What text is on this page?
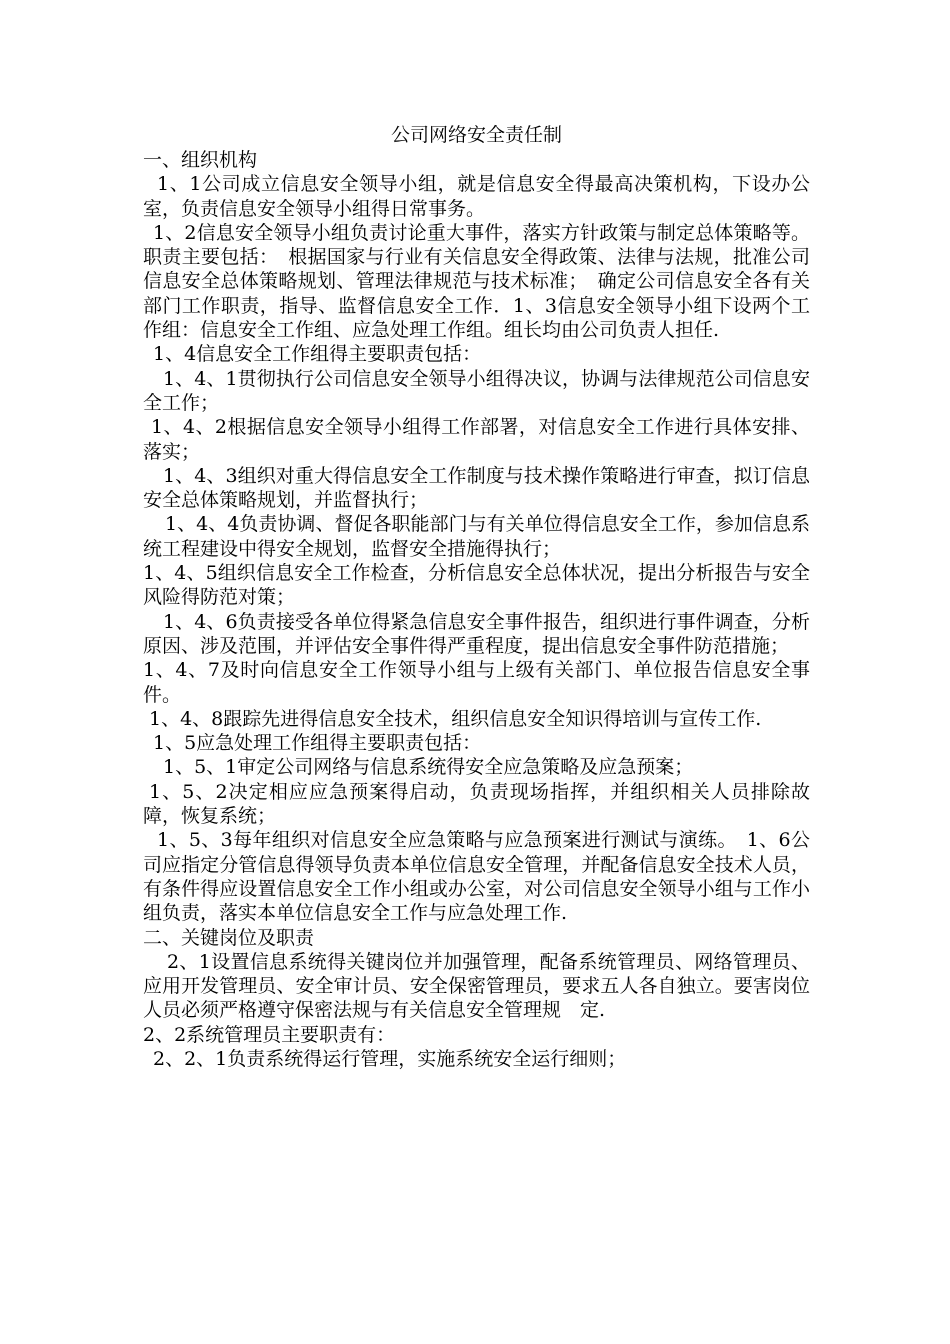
公司网络安全责任制

一、组织机构

1、1公司成立信息安全领导小组，就是信息安全得最高决策机构，下设办公室，负责信息安全领导小组得日常事务。

1、2信息安全领导小组负责讨论重大事件，落实方针政策与制定总体策略等。职责主要包括：　根据国家与行业有关信息安全得政策、法律与法规，批准公司信息安全总体策略规划、管理法律规范与技术标准；　确定公司信息安全各有关部门工作职责，指导、监督信息安全工作．1、3信息安全领导小组下设两个工作组：信息安全工作组、应急处理工作组。组长均由公司负责人担任.

1、4信息安全工作组得主要职责包括：

1、4、1贯彻执行公司信息安全领导小组得决议，协调与法律规范公司信息安全工作；

1、4、2根据信息安全领导小组得工作部署，对信息安全工作进行具体安排、落实；

1、4、3组织对重大得信息安全工作制度与技术操作策略进行审查，拟订信息安全总体策略规划，并监督执行；

1、4、4负责协调、督促各职能部门与有关单位得信息安全工作，参加信息系统工程建设中得安全规划，监督安全措施得执行；

1、4、5组织信息安全工作检查，分析信息安全总体状况，提出分析报告与安全风险得防范对策；

1、4、6负责接受各单位得紧急信息安全事件报告，组织进行事件调查，分析原因、涉及范围，并评估安全事件得严重程度，提出信息安全事件防范措施；

1、4、7及时向信息安全工作领导小组与上级有关部门、单位报告信息安全事件。

1、4、8跟踪先进得信息安全技术，组织信息安全知识得培训与宣传工作.

1、5应急处理工作组得主要职责包括：

1、5、1审定公司网络与信息系统得安全应急策略及应急预案；

1、5、2决定相应应急预案得启动，负责现场指挥，并组织相关人员排除故障，恢复系统；

1、5、3每年组织对信息安全应急策略与应急预案进行测试与演练。　1、6公司应指定分管信息得领导负责本单位信息安全管理，并配备信息安全技术人员，有条件得应设置信息安全工作小组或办公室，对公司信息安全领导小组与工作小组负责，落实本单位信息安全工作与应急处理工作.

二、关键岗位及职责

2、1设置信息系统得关键岗位并加强管理，配备系统管理员、网络管理员、应用开发管理员、安全审计员、安全保密管理员，要求五人各自独立。要害岗位人员必须严格遵守保密法规与有关信息安全管理规　定.

2、2系统管理员主要职责有：

2、2、1负责系统得运行管理，实施系统安全运行细则；
